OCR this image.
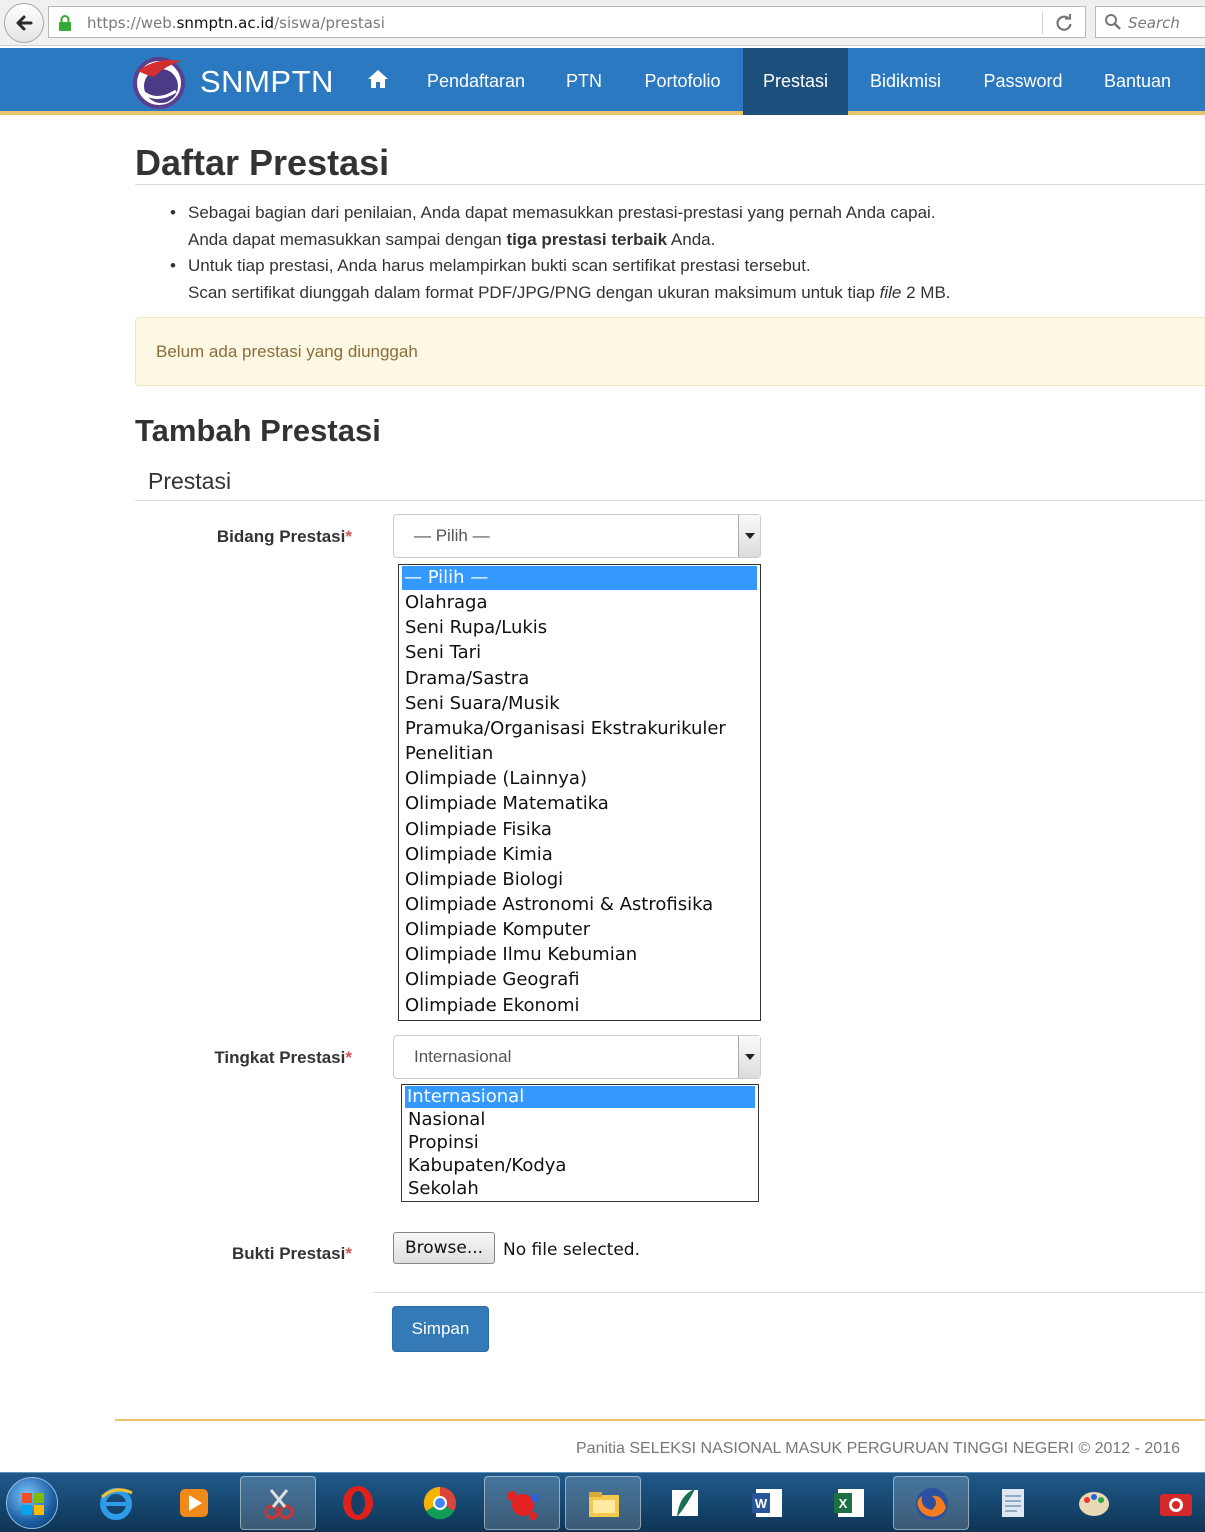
https://web.snmptn.ac.id/siswa/prestasi	Search
SNMPTN	Pendaftaran	PTN	Portofolio	Prestasi	Bidikmisi	Password	Bantuan
Daftar Prestasi
• Sebagai bagian dari penilaian, Anda dapat memasukkan prestasi-prestasi yang pernah Anda capai.
Anda dapat memasukkan sampai dengan tiga prestasi terbaik Anda.
• Untuk tiap prestasi, Anda harus melampirkan bukti scan sertifikat prestasi tersebut.
Scan sertifikat diunggah dalam format PDF/JPG/PNG dengan ukuran maksimum untuk tiap file 2 MB.
Belum ada prestasi yang diunggah
Tambah Prestasi
Prestasi
Bidang Prestasi*	— Pilih —
— Pilih —
Olahraga
Seni Rupa/Lukis
Seni Tari
Drama/Sastra
Seni Suara/Musik
Pramuka/Organisasi Ekstrakurikuler
Penelitian
Olimpiade (Lainnya)
Olimpiade Matematika
Olimpiade Fisika
Olimpiade Kimia
Olimpiade Biologi
Olimpiade Astronomi & Astrofisika
Olimpiade Komputer
Olimpiade Ilmu Kebumian
Olimpiade Geografi
Olimpiade Ekonomi
Tingkat Prestasi*	Internasional
Internasional
Nasional
Propinsi
Kabupaten/Kodya
Sekolah
Bukti Prestasi*	Browse...	No file selected.
Simpan
Panitia SELEKSI NASIONAL MASUK PERGURUAN TINGGI NEGERI © 2012 - 2016
W	X
